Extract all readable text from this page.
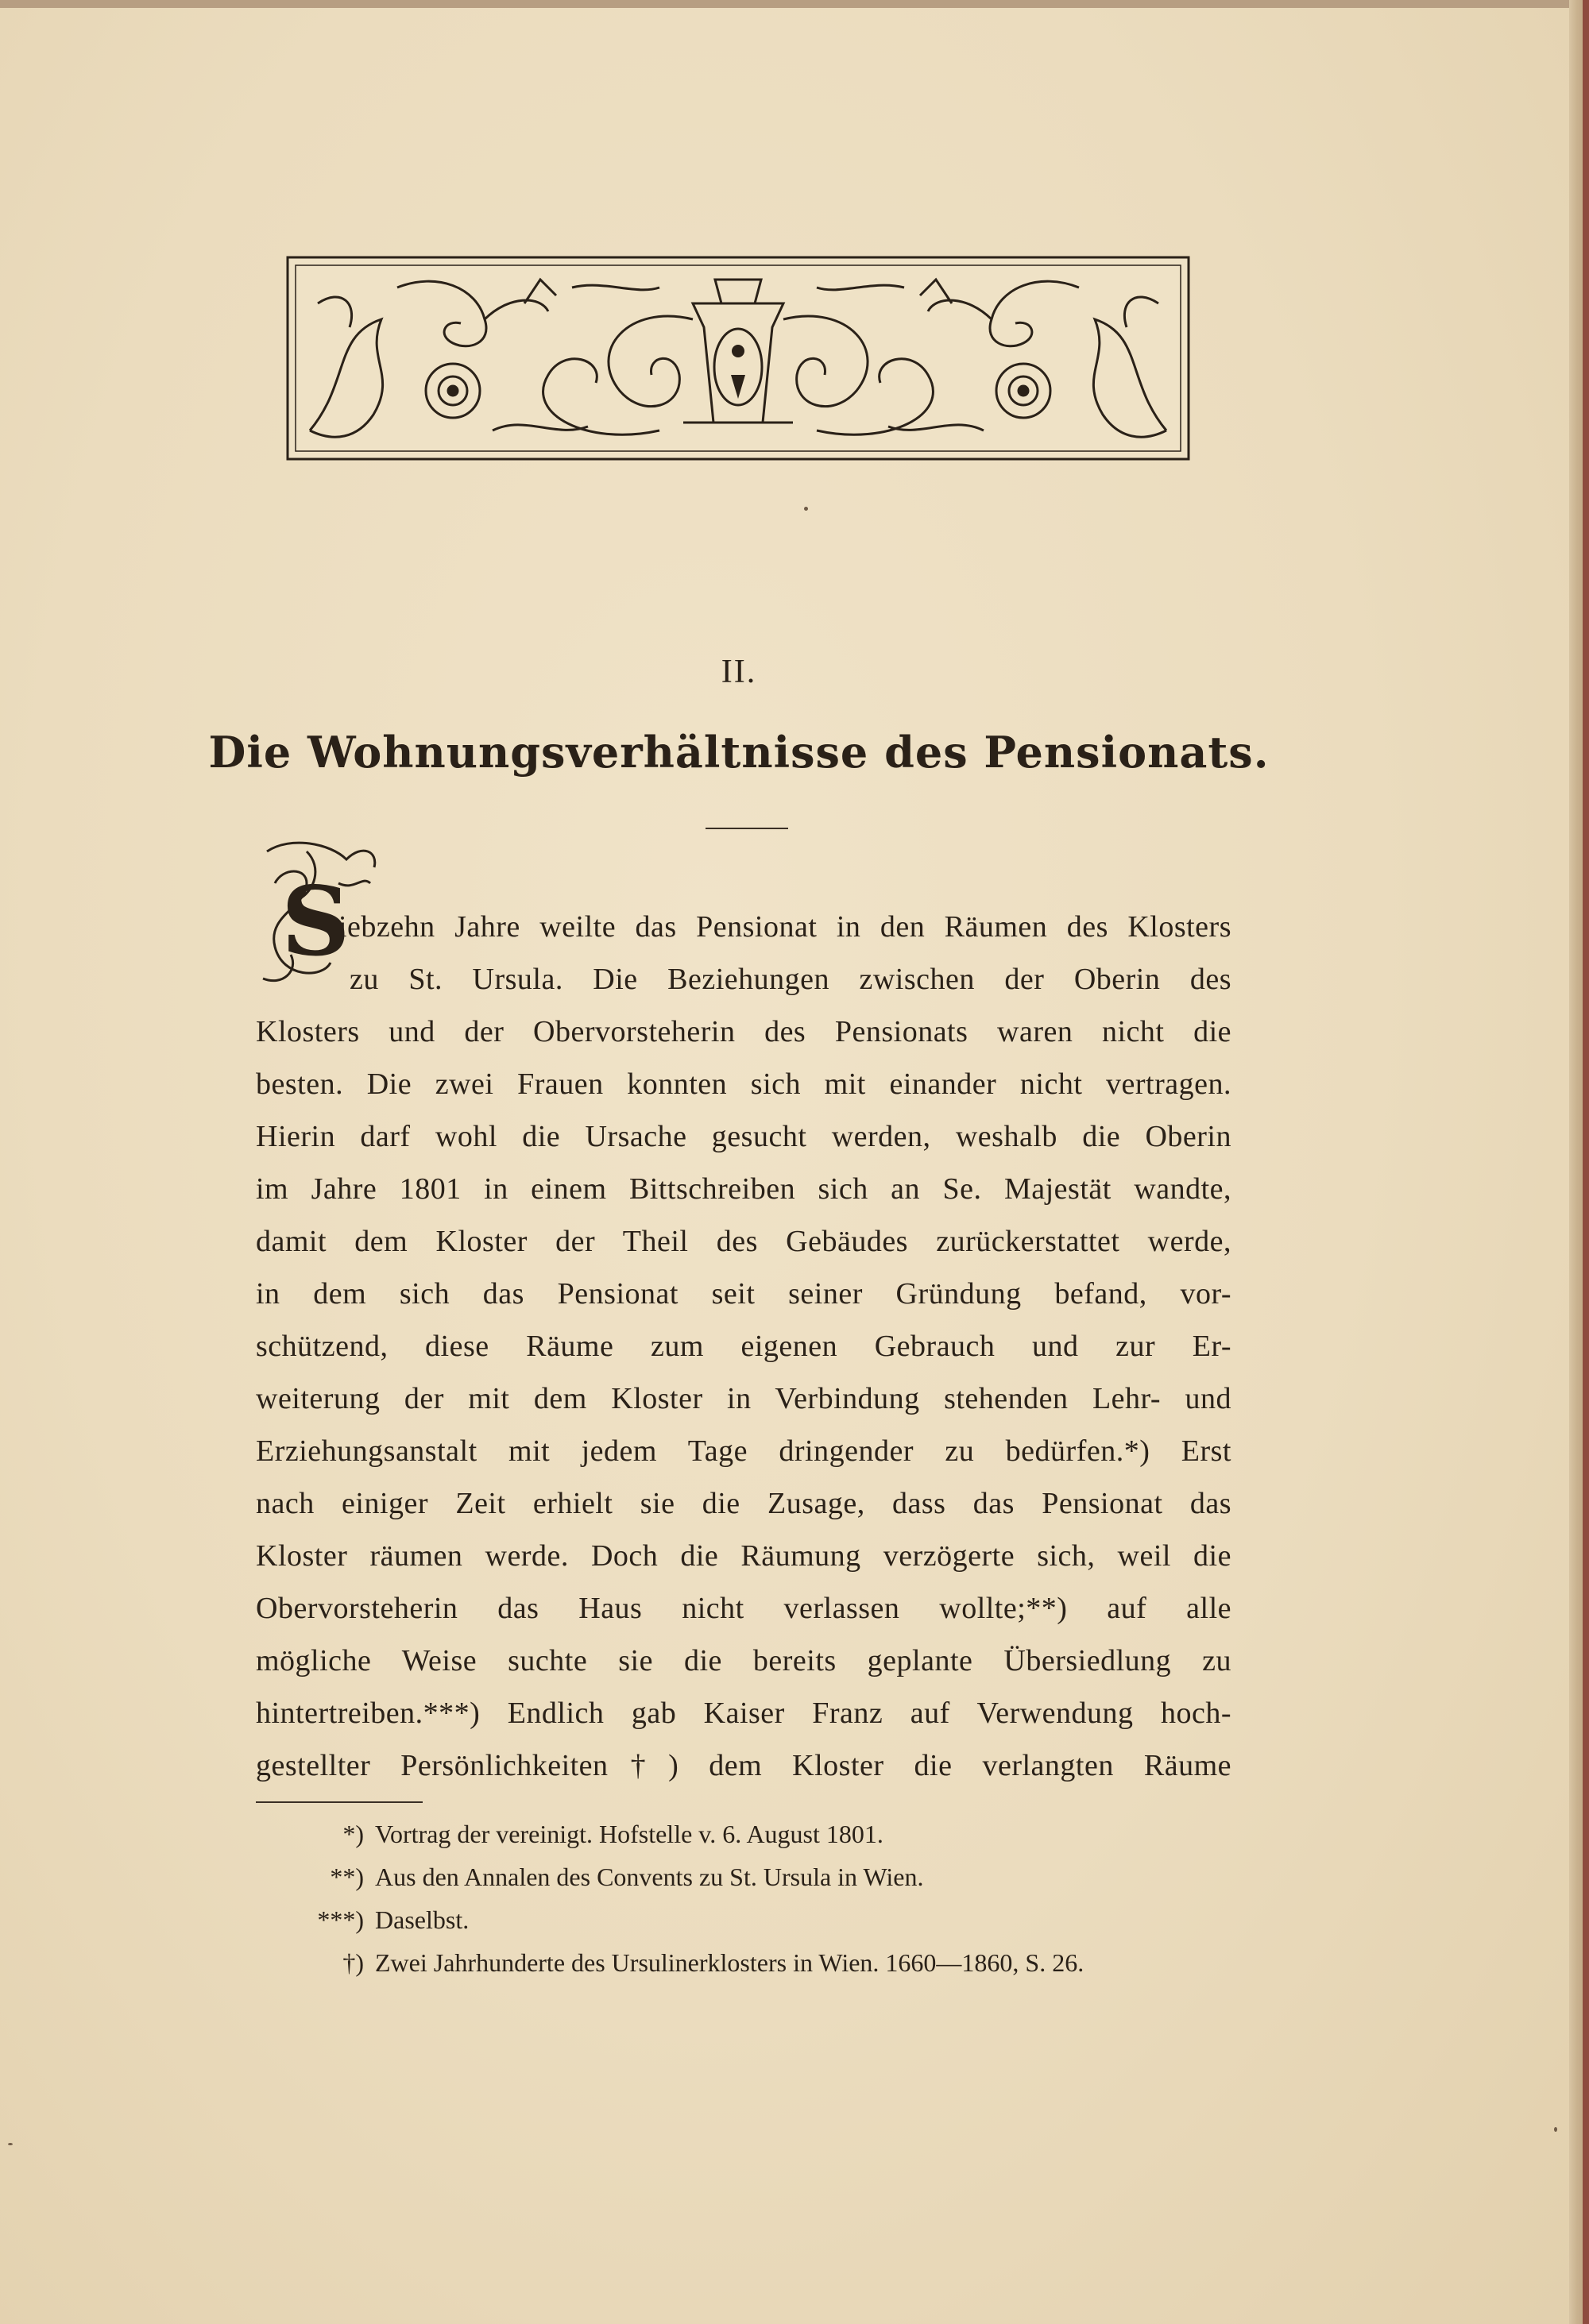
II.
Die Wohnungsverhältnisse des Pensionats.
S
iebzehn Jahre weilte das Pensionat in den Räumen des Klosters
zu St. Ursula. Die Beziehungen zwischen der Oberin des
Klosters und der Obervorsteherin des Pensionats waren nicht die
besten. Die zwei Frauen konnten sich mit einander nicht vertragen.
Hierin darf wohl die Ursache gesucht werden, weshalb die Oberin
im Jahre 1801 in einem Bittschreiben sich an Se. Majestät wandte,
damit dem Kloster der Theil des Gebäudes zurückerstattet werde,
in dem sich das Pensionat seit seiner Gründung befand, vor-
schützend, diese Räume zum eigenen Gebrauch und zur Er-
weiterung der mit dem Kloster in Verbindung stehenden Lehr- und
Erziehungsanstalt mit jedem Tage dringender zu bedürfen.*) Erst
nach einiger Zeit erhielt sie die Zusage, dass das Pensionat das
Kloster räumen werde. Doch die Räumung verzögerte sich, weil die
Obervorsteherin das Haus nicht verlassen wollte;**) auf alle
mögliche Weise suchte sie die bereits geplante Übersiedlung zu
hintertreiben.***) Endlich gab Kaiser Franz auf Verwendung hoch-
gestellter Persönlichkeiten†) dem Kloster die verlangten Räume
*) Vortrag der vereinigt. Hofstelle v. 6. August 1801.
**) Aus den Annalen des Convents zu St. Ursula in Wien.
***) Daselbst.
†) Zwei Jahrhunderte des Ursulinerklosters in Wien. 1660—1860, S. 26.
